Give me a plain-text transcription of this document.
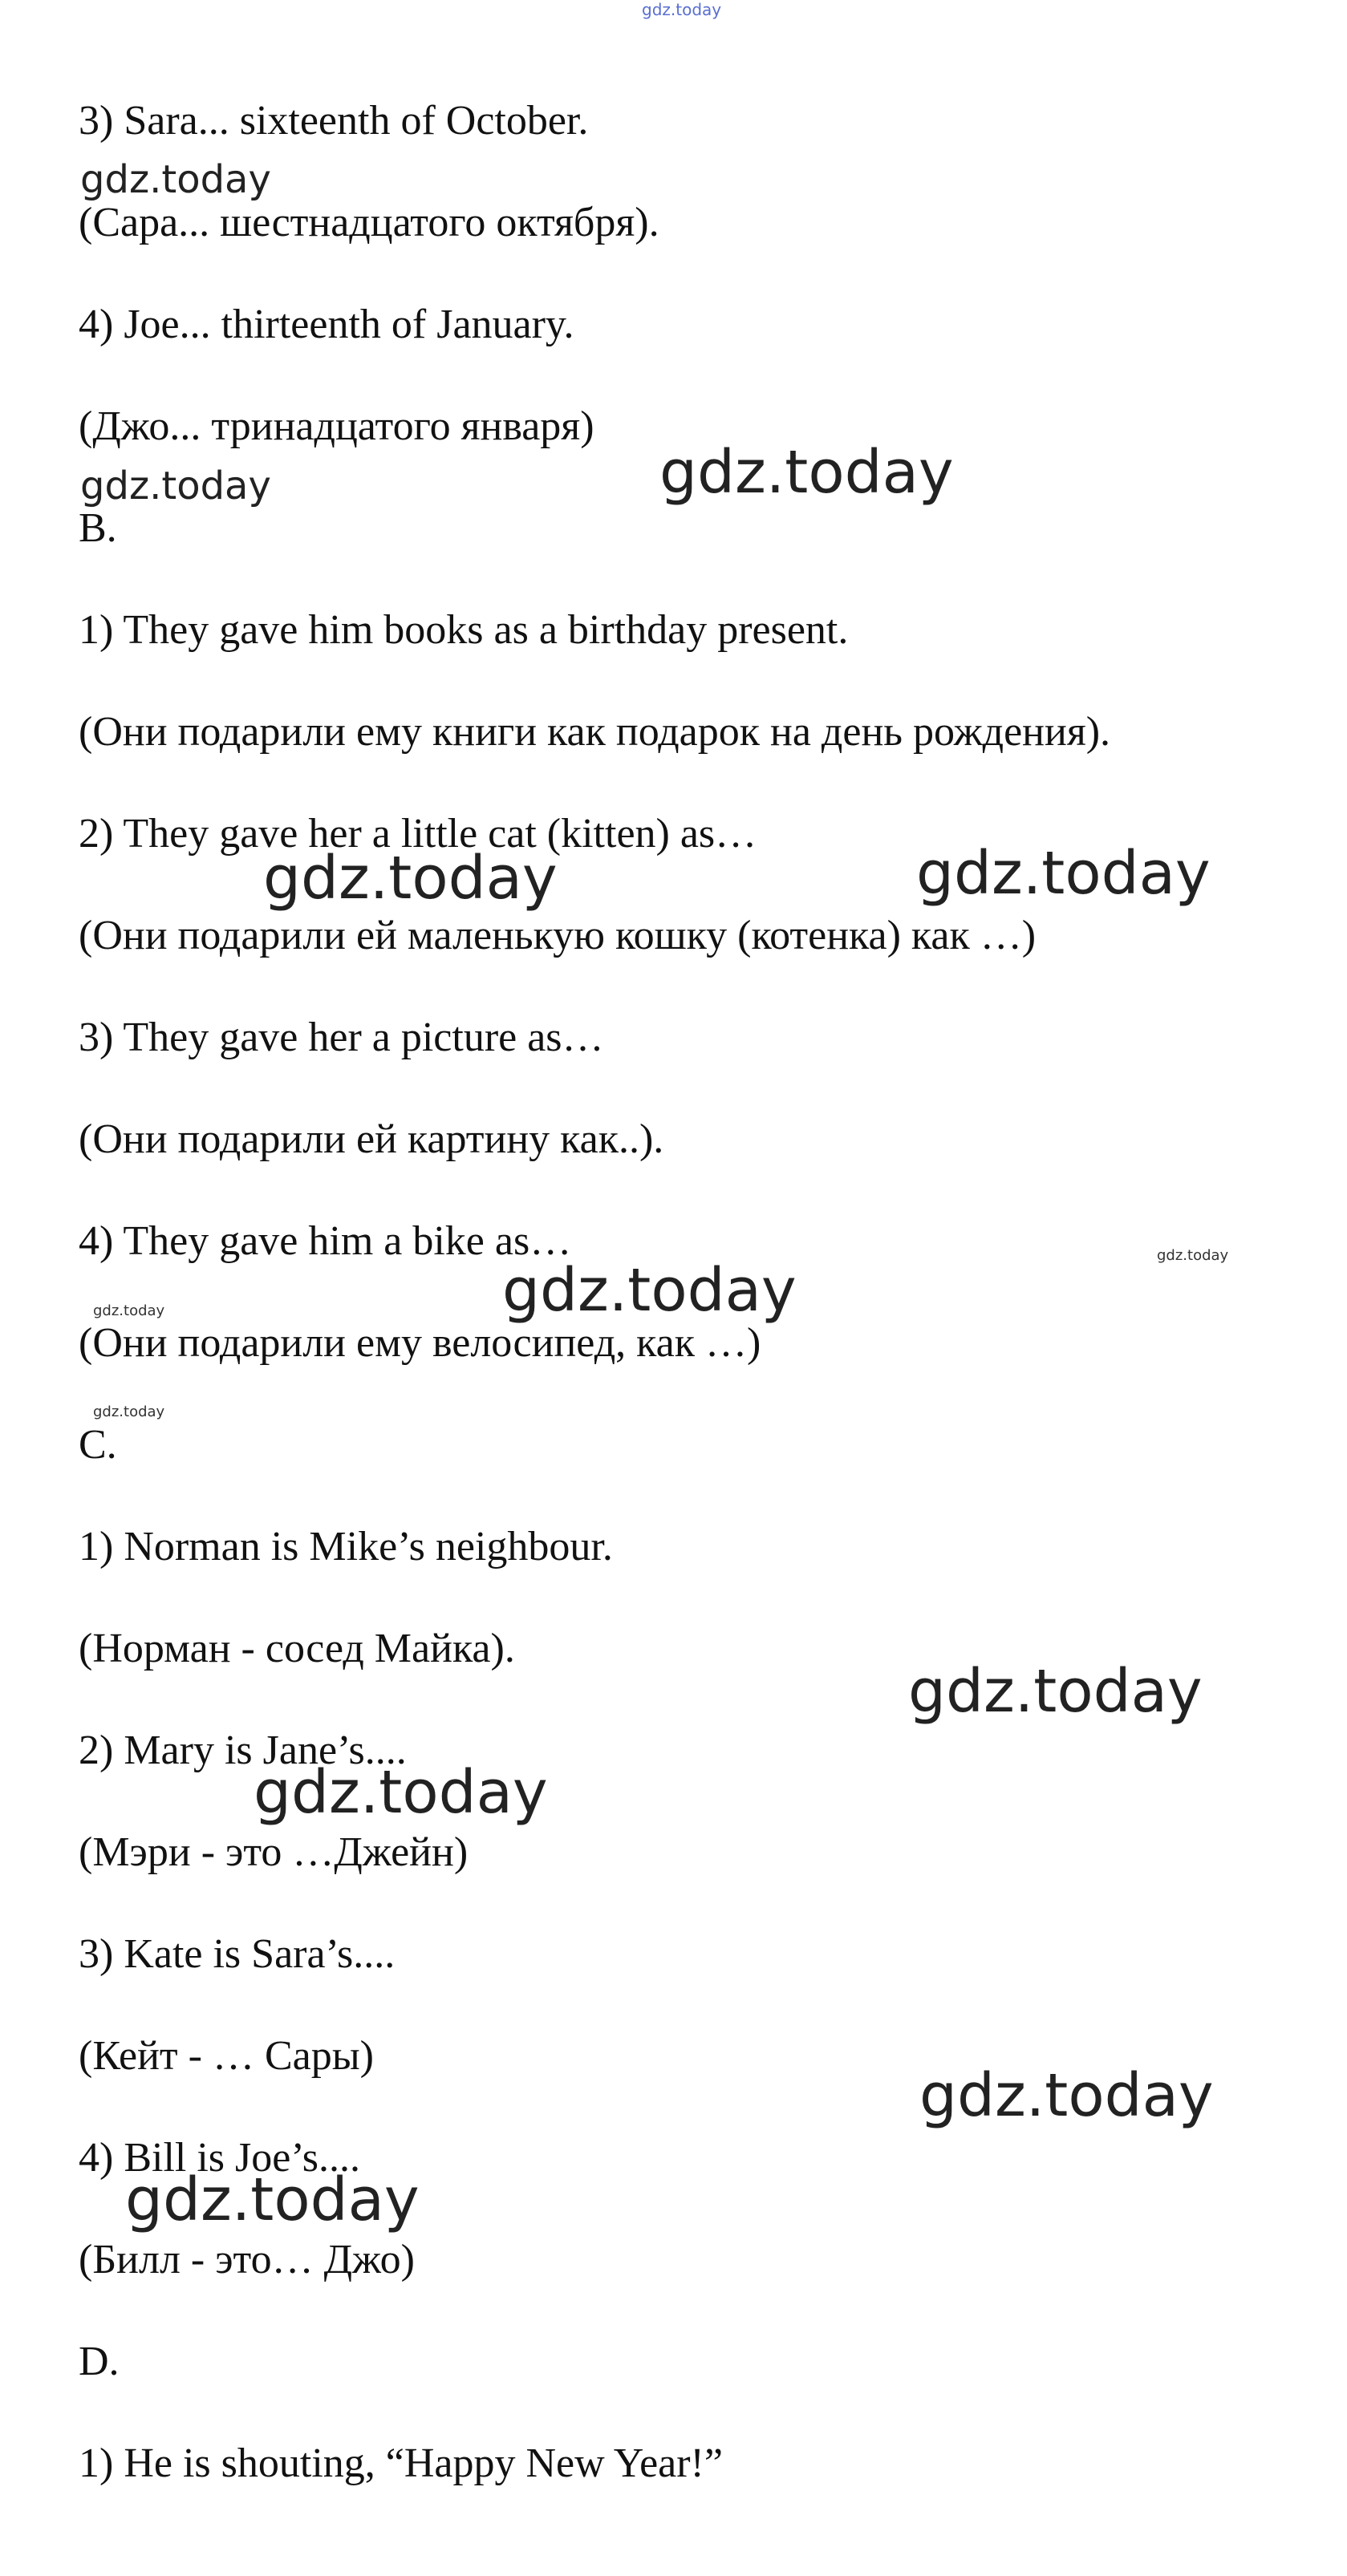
3) Sara... sixteenth of October.

(Сара... шестнадцатого октября).

4) Joe... thirteenth of January.

(Джо... тринадцатого января)

B.

1) They gave him books as a birthday present.

(Они подарили ему книги как подарок на день рождения).

2) They gave her a little cat (kitten) as…

(Они подарили ей маленькую кошку (котенка) как …)

3) They gave her a picture as…

(Они подарили ей картину как..).

4) They gave him a bike as…

(Они подарили ему велосипед, как …)

C.

1) Norman is Mike’s neighbour.

(Норман - сосед Майка).

2) Mary is Jane’s....

(Мэри - это …Джейн)

3) Kate is Sara’s....

(Кейт - … Сары)

4) Bill is Joe’s....

(Билл - это… Джо)

D.

1) He is shouting, “Happy New Year!”

gdz.today
gdz.today
gdz.today	gdz.today
gdz.today	gdz.today
gdz.today
gdz.today
gdz.today
gdz.today
gdz.today
gdz.today
gdz.today
gdz.today
